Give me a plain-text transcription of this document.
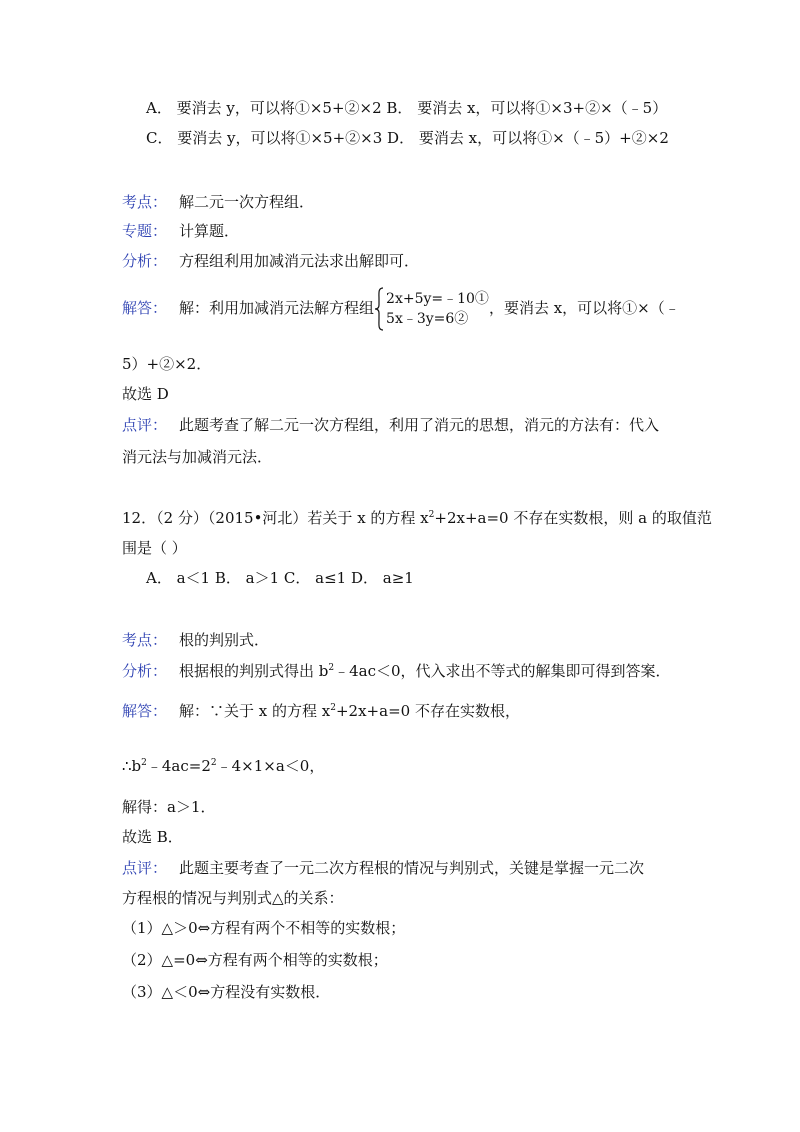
A． 要消去 y，可以将①×5+②×2 B． 要消去 x，可以将①×3+②×（﹣5）
C． 要消去 y，可以将①×5+②×3 D． 要消去 x，可以将①×（﹣5）+②×2
考点： 解二元一次方程组．
专题： 计算题．
分析： 方程组利用加减消元法求出解即可．
解答： 解：利用加减消元法解方程组 2x+5y=﹣10①
5x﹣3y=6②
，要消去 x，可以将①×（﹣
5）+②×2．
故选 D
点评： 此题考查了解二元一次方程组，利用了消元的思想，消元的方法有：代入
消元法与加减消元法．
12．（2 分）（2015•河北）若关于 x 的方程 $x^2+2x+a=0$ 不存在实数根，则 a 的取值范
围是（ ）
A． a＜1 B． a＞1 C． a≤1 D． a≥1
考点： 根的判别式．
分析： 根据根的判别式得出 $b^2﹣4ac<0$，代入求出不等式的解集即可得到答案．
解答： 解：∵关于 x 的方程 $x^2+2x+a=0$ 不存在实数根，
$\therefore b^2﹣4ac=2^2﹣4\times 1\times a<0$，
解得：a＞1．
故选 B．
点评： 此题主要考查了一元二次方程根的情况与判别式，关键是掌握一元二次
方程根的情况与判别式△的关系：
（1）△＞0⇔方程有两个不相等的实数根；
（2）△=0⇔方程有两个相等的实数根；
（3）△＜0⇔方程没有实数根．
